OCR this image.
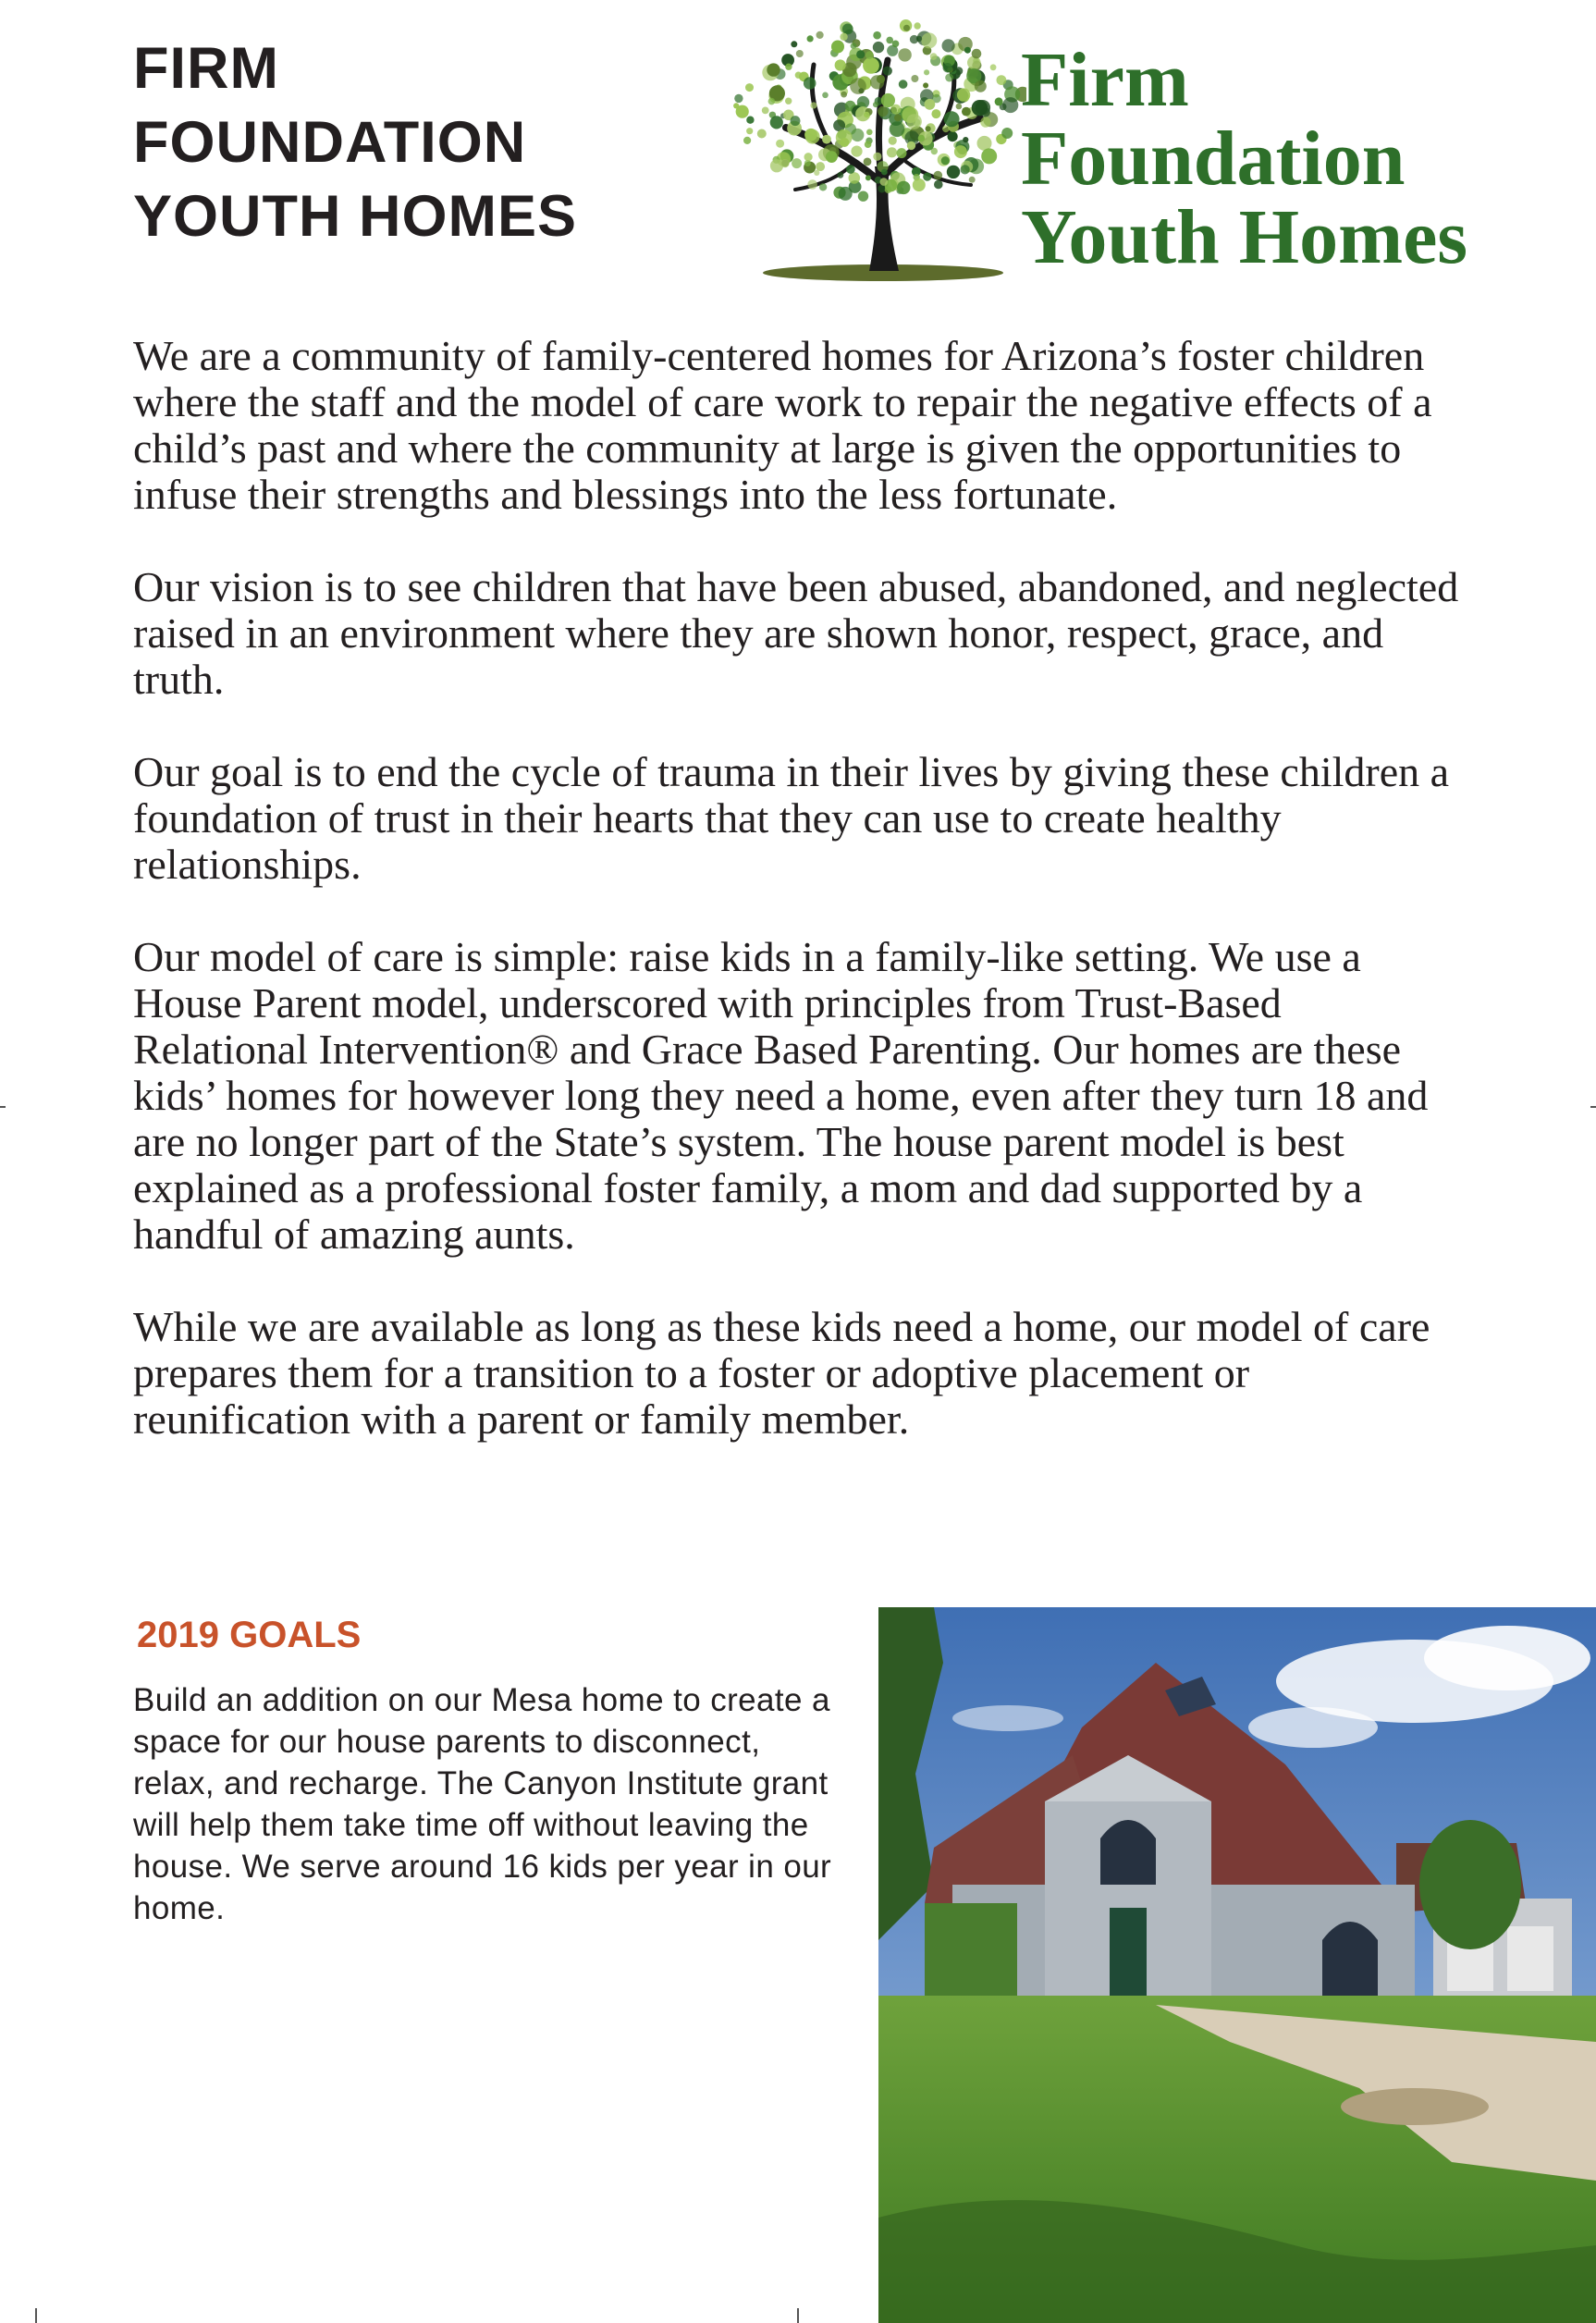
FIRM
FOUNDATION
YOUTH HOMES
Firm
Foundation
Youth Homes

We are a community of family-centered homes for Arizona’s foster children where the staff and the model of care work to repair the negative effects of a child’s past and where the community at large is given the opportunities to infuse their strengths and blessings into the less fortunate.

Our vision is to see children that have been abused, abandoned, and neglected raised in an environment where they are shown honor, respect, grace, and truth.

Our goal is to end the cycle of trauma in their lives by giving these children a foundation of trust in their hearts that they can use to create healthy relationships.

Our model of care is simple: raise kids in a family-like setting. We use a House Parent model, underscored with principles from Trust-Based Relational Intervention® and Grace Based Parenting. Our homes are these kids’ homes for however long they need a home, even after they turn 18 and are no longer part of the State’s system. The house parent model is best explained as a professional foster family, a mom and dad supported by a handful of amazing aunts.

While we are available as long as these kids need a home, our model of care prepares them for a transition to a foster or adoptive placement or reunification with a parent or family member.

2019 GOALS
Build an addition on our Mesa home to create a space for our house parents to disconnect, relax, and recharge. The Canyon Institute grant will help them take time off without leaving the house. We serve around 16 kids per year in our home.
